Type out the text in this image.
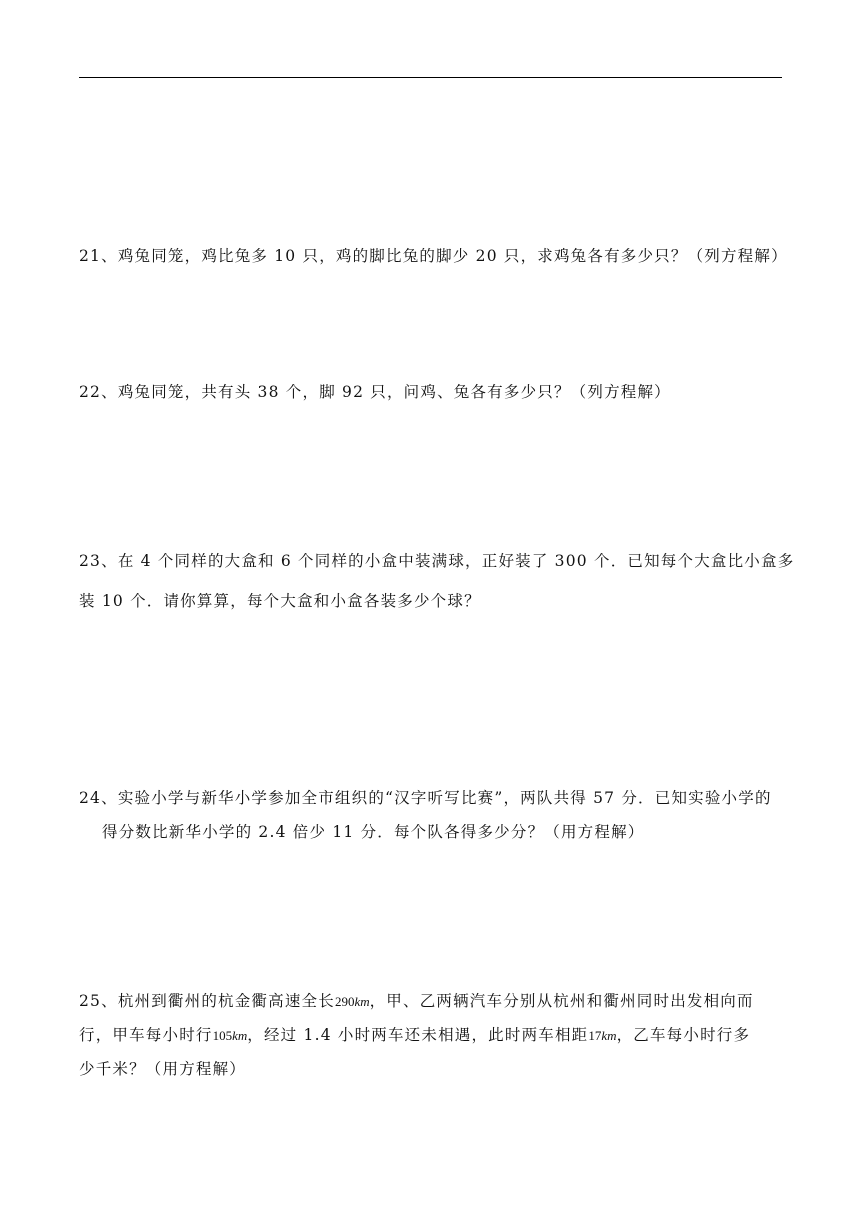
21、鸡兔同笼，鸡比兔多 10 只，鸡的脚比兔的脚少 20 只，求鸡兔各有多少只？（列方程解）
22、鸡兔同笼，共有头 38 个，脚 92 只，问鸡、兔各有多少只？（列方程解）
23、在 4 个同样的大盒和 6 个同样的小盒中装满球，正好装了 300 个．已知每个大盒比小盒多
装 10 个．请你算算，每个大盒和小盒各装多少个球？
24、实验小学与新华小学参加全市组织的“汉字听写比赛”，两队共得 57 分．已知实验小学的
得分数比新华小学的 2.4 倍少 11 分．每个队各得多少分？（用方程解）
25、杭州到衢州的杭金衢高速全长290km，甲、乙两辆汽车分别从杭州和衢州同时出发相向而
行，甲车每小时行105km，经过 1.4 小时两车还未相遇，此时两车相距17km，乙车每小时行多
少千米？（用方程解）
